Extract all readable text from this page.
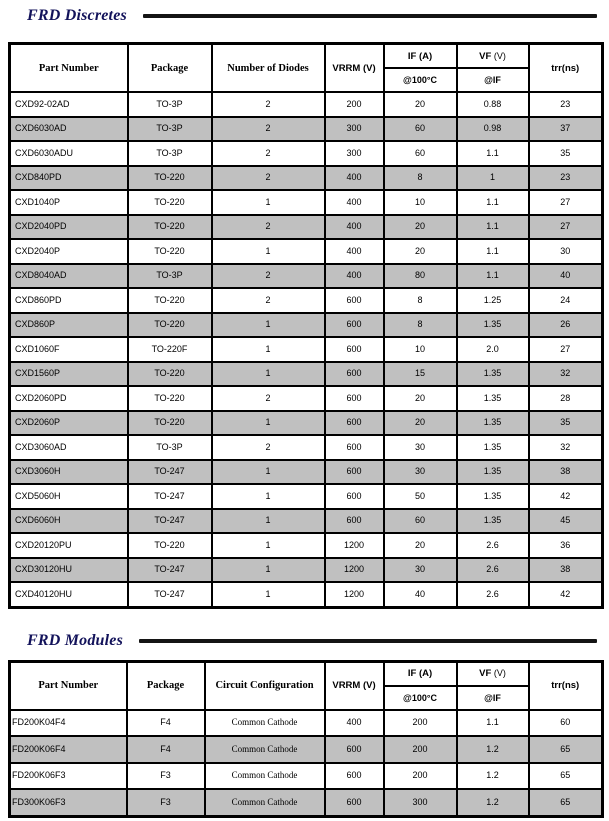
FRD Discretes
Part Number	Package	Number of Diodes	VRRM (V)	IF (A)	VF (V)	trr(ns)
				@100°C	@IF	
CXD92-02AD	TO-3P	2	200	20	0.88	23
CXD6030AD	TO-3P	2	300	60	0.98	37
CXD6030ADU	TO-3P	2	300	60	1.1	35
CXD840PD	TO-220	2	400	8	1	23
CXD1040P	TO-220	1	400	10	1.1	27
CXD2040PD	TO-220	2	400	20	1.1	27
CXD2040P	TO-220	1	400	20	1.1	30
CXD8040AD	TO-3P	2	400	80	1.1	40
CXD860PD	TO-220	2	600	8	1.25	24
CXD860P	TO-220	1	600	8	1.35	26
CXD1060F	TO-220F	1	600	10	2.0	27
CXD1560P	TO-220	1	600	15	1.35	32
CXD2060PD	TO-220	2	600	20	1.35	28
CXD2060P	TO-220	1	600	20	1.35	35
CXD3060AD	TO-3P	2	600	30	1.35	32
CXD3060H	TO-247	1	600	30	1.35	38
CXD5060H	TO-247	1	600	50	1.35	42
CXD6060H	TO-247	1	600	60	1.35	45
CXD20120PU	TO-220	1	1200	20	2.6	36
CXD30120HU	TO-247	1	1200	30	2.6	38
CXD40120HU	TO-247	1	1200	40	2.6	42
FRD Modules
Part Number	Package	Circuit Configuration	VRRM (V)	IF (A)	VF (V)	trr(ns)
				@100°C	@IF	
FD200K04F4	F4	Common Cathode	400	200	1.1	60
FD200K06F4	F4	Common Cathode	600	200	1.2	65
FD200K06F3	F3	Common Cathode	600	200	1.2	65
FD300K06F3	F3	Common Cathode	600	300	1.2	65
